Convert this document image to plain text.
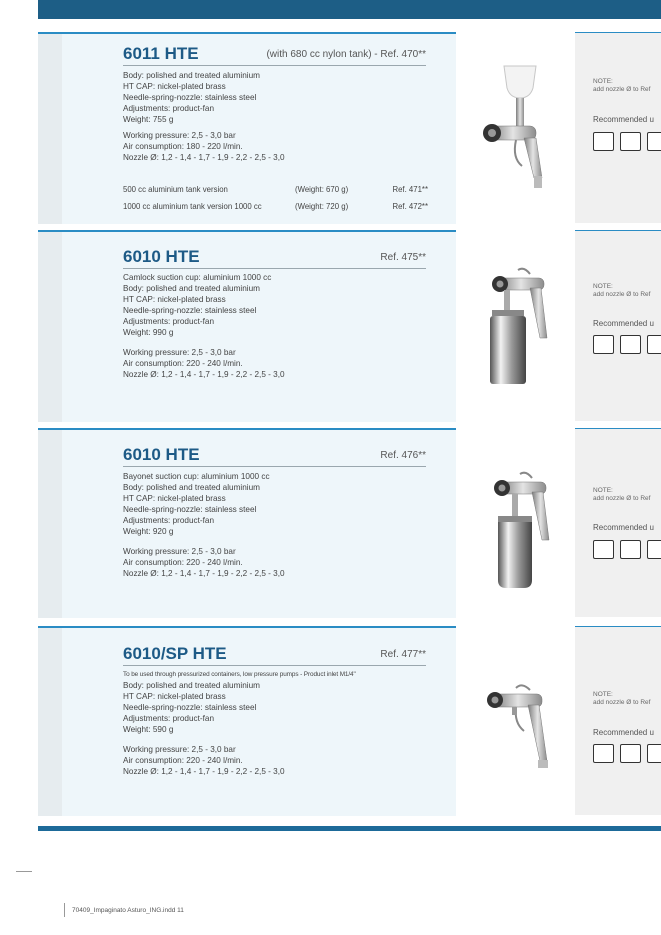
6011 HTE	(with 680 cc nylon tank) - Ref. 470**
Body: polished and treated aluminium
HT CAP: nickel-plated brass
Needle-spring-nozzle: stainless steel
Adjustments: product-fan
Weight: 755 g
Working pressure: 2,5 - 3,0 bar
Air consumption: 180 - 220 l/min.
Nozzle Ø: 1,2 - 1,4 - 1,7 - 1,9 - 2,2 - 2,5 - 3,0
500 cc aluminium tank version	(Weight: 670 g)	Ref. 471**
1000 cc aluminium tank version 1000 cc	(Weight: 720 g)	Ref. 472**
NOTE:
add nozzle Ø to Ref
Recommended u
6010 HTE	Ref. 475**
Camlock suction cup: aluminium 1000 cc
Body: polished and treated aluminium
HT CAP: nickel-plated brass
Needle-spring-nozzle: stainless steel
Adjustments: product-fan
Weight: 990 g
Working pressure: 2,5 - 3,0 bar
Air consumption: 220 - 240 l/min.
Nozzle Ø: 1,2 - 1,4 - 1,7 - 1,9 - 2,2 - 2,5 - 3,0
NOTE:
add nozzle Ø to Ref
Recommended u
6010 HTE	Ref. 476**
Bayonet suction cup: aluminium 1000 cc
Body: polished and treated aluminium
HT CAP: nickel-plated brass
Needle-spring-nozzle: stainless steel
Adjustments: product-fan
Weight: 920 g
Working pressure: 2,5 - 3,0 bar
Air consumption: 220 - 240 l/min.
Nozzle Ø: 1,2 - 1,4 - 1,7 - 1,9 - 2,2 - 2,5 - 3,0
NOTE:
add nozzle Ø to Ref
Recommended u
6010/SP HTE	Ref. 477**
To be used through pressurized containers, low pressure pumps - Product inlet M1/4"
Body: polished and treated aluminium
HT CAP: nickel-plated brass
Needle-spring-nozzle: stainless steel
Adjustments: product-fan
Weight: 590 g
Working pressure: 2,5 - 3,0 bar
Air consumption: 220 - 240 l/min.
Nozzle Ø: 1,2 - 1,4 - 1,7 - 1,9 - 2,2 - 2,5 - 3,0
NOTE:
add nozzle Ø to Ref
Recommended u
70409_Impaginato Asturo_ING.indd 11
